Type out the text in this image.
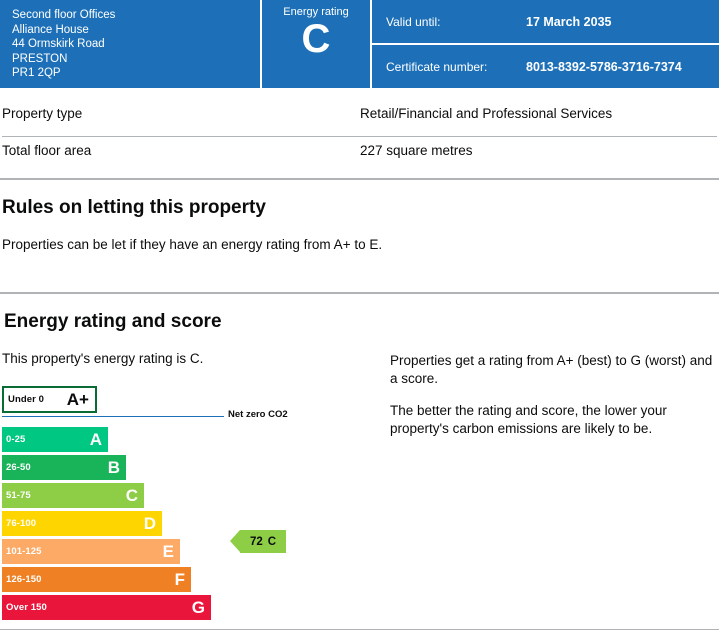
Second floor Offices
Alliance House
44 Ormskirk Road
PRESTON
PR1 2QP
Energy rating
C	Valid until:	17 March 2035
Certificate number:	8013-8392-5786-3716-7374
Property type	Retail/Financial and Professional Services
Total floor area	227 square metres
Rules on letting this property

Properties can be let if they have an energy rating from A+ to E.

Energy rating and score

This property's energy rating is C.

Under 0 A+
Net zero CO2
0-25	A
26-50	B
51-75	C
76-100	D
101-125	E
126-150	F
Over 150	G
72 C

Properties get a rating from A+ (best) to G (worst) and a score.

The better the rating and score, the lower your property's carbon emissions are likely to be.
